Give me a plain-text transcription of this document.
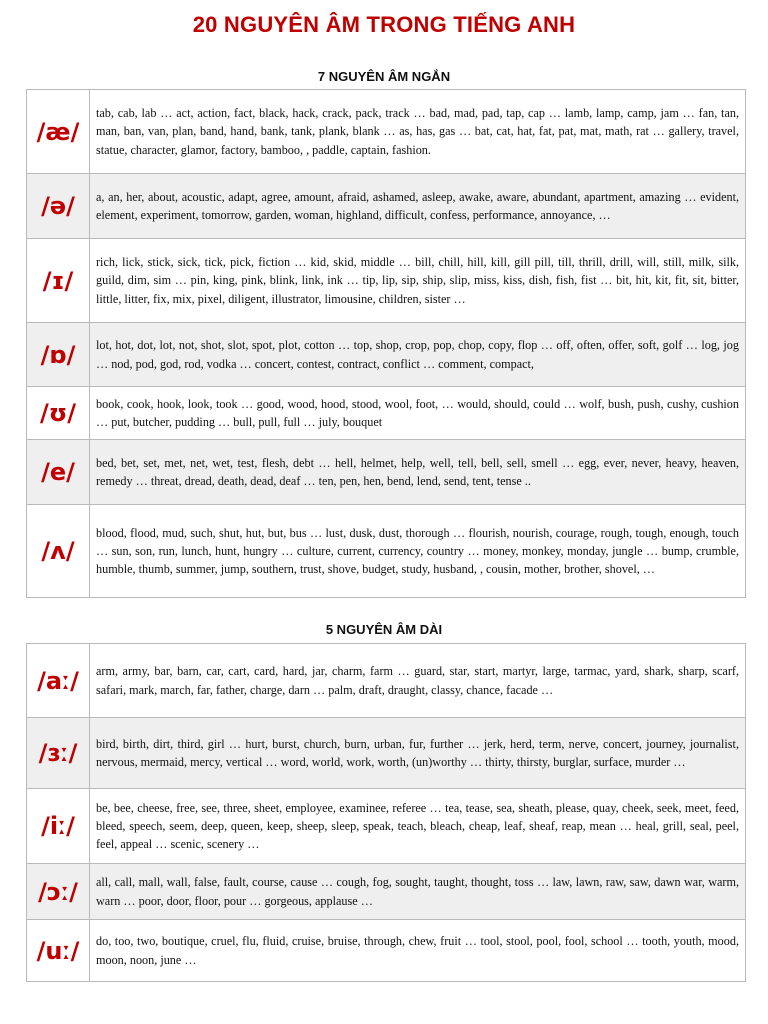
20 NGUYÊN ÂM TRONG TIẾNG ANH
7 NGUYÊN ÂM NGẮN
/æ/	tab, cab, lab … act, action, fact, black, hack, crack, pack, track … bad, mad, pad, tap, cap … lamb, lamp, camp, jam … fan, tan, man, ban, van, plan, band, hand, bank, tank, plank, blank … as, has, gas … bat, cat, hat, fat, pat, mat, math, rat … gallery, travel, statue, character, glamor, factory, bamboo, , paddle, captain, fashion.
/ə/	a, an, her, about, acoustic, adapt, agree, amount, afraid, ashamed, asleep, awake, aware, abundant, apartment, amazing … evident, element, experiment, tomorrow, garden, woman, highland, difficult, confess, performance, annoyance, …
/ɪ/	rich, lick, stick, sick, tick, pick, fiction … kid, skid, middle … bill, chill, hill, kill, gill pill, till, thrill, drill, will, still, milk, silk, guild, dim, sim … pin, king, pink, blink, link, ink … tip, lip, sip, ship, slip, miss, kiss, dish, fish, fist … bit, hit, kit, fit, sit, bitter, little, litter, fix, mix, pixel, diligent, illustrator, limousine, children, sister …
/ɒ/	lot, hot, dot, lot, not, shot, slot, spot, plot, cotton … top, shop, crop, pop, chop, copy, flop … off, often, offer, soft, golf … log, jog … nod, pod, god, rod, vodka … concert, contest, contract, conflict … comment, compact,
/ʊ/	book, cook, hook, look, took … good, wood, hood, stood, wool, foot, … would, should, could … wolf, bush, push, cushy, cushion … put, butcher, pudding … bull, pull, full … july, bouquet
/e/	bed, bet, set, met, net, wet, test, flesh, debt … hell, helmet, help, well, tell, bell, sell, smell … egg, ever, never, heavy, heaven, remedy … threat, dread, death, dead, deaf … ten, pen, hen, bend, lend, send, tent, tense ..
/ʌ/	blood, flood, mud, such, shut, hut, but, bus … lust, dusk, dust, thorough … flourish, nourish, courage, rough, tough, enough, touch … sun, son, run, lunch, hunt, hungry … culture, current, currency, country … money, monkey, monday, jungle … bump, crumble, humble, thumb, summer, jump, southern, trust, shove, budget, study, husband, , cousin, mother, brother, shovel, …
5 NGUYÊN ÂM DÀI
/aː/	arm, army, bar, barn, car, cart, card, hard, jar, charm, farm … guard, star, start, martyr, large, tarmac, yard, shark, sharp, scarf, safari, mark, march, far, father, charge, darn … palm, draft, draught, classy, chance, facade …
/ɜː/	bird, birth, dirt, third, girl … hurt, burst, church, burn, urban, fur, further … jerk, herd, term, nerve, concert, journey, journalist, nervous, mermaid, mercy, vertical … word, world, work, worth, (un)worthy … thirty, thirsty, burglar, surface, murder …
/iː/	be, bee, cheese, free, see, three, sheet, employee, examinee, referee … tea, tease, sea, sheath, please, quay, cheek, seek, meet, feed, bleed, speech, seem, deep, queen, keep, sheep, sleep, speak, teach, bleach, cheap, leaf, sheaf, reap, mean … heal, grill, seal, peel, feel, appeal … scenic, scenery …
/ɔː/	all, call, mall, wall, false, fault, course, cause … cough, fog, sought, taught, thought, toss … law, lawn, raw, saw, dawn war, warm, warn … poor, door, floor, pour … gorgeous, applause …
/uː/	do, too, two, boutique, cruel, flu, fluid, cruise, bruise, through, chew, fruit … tool, stool, pool, fool, school … tooth, youth, mood, moon, noon, june …
